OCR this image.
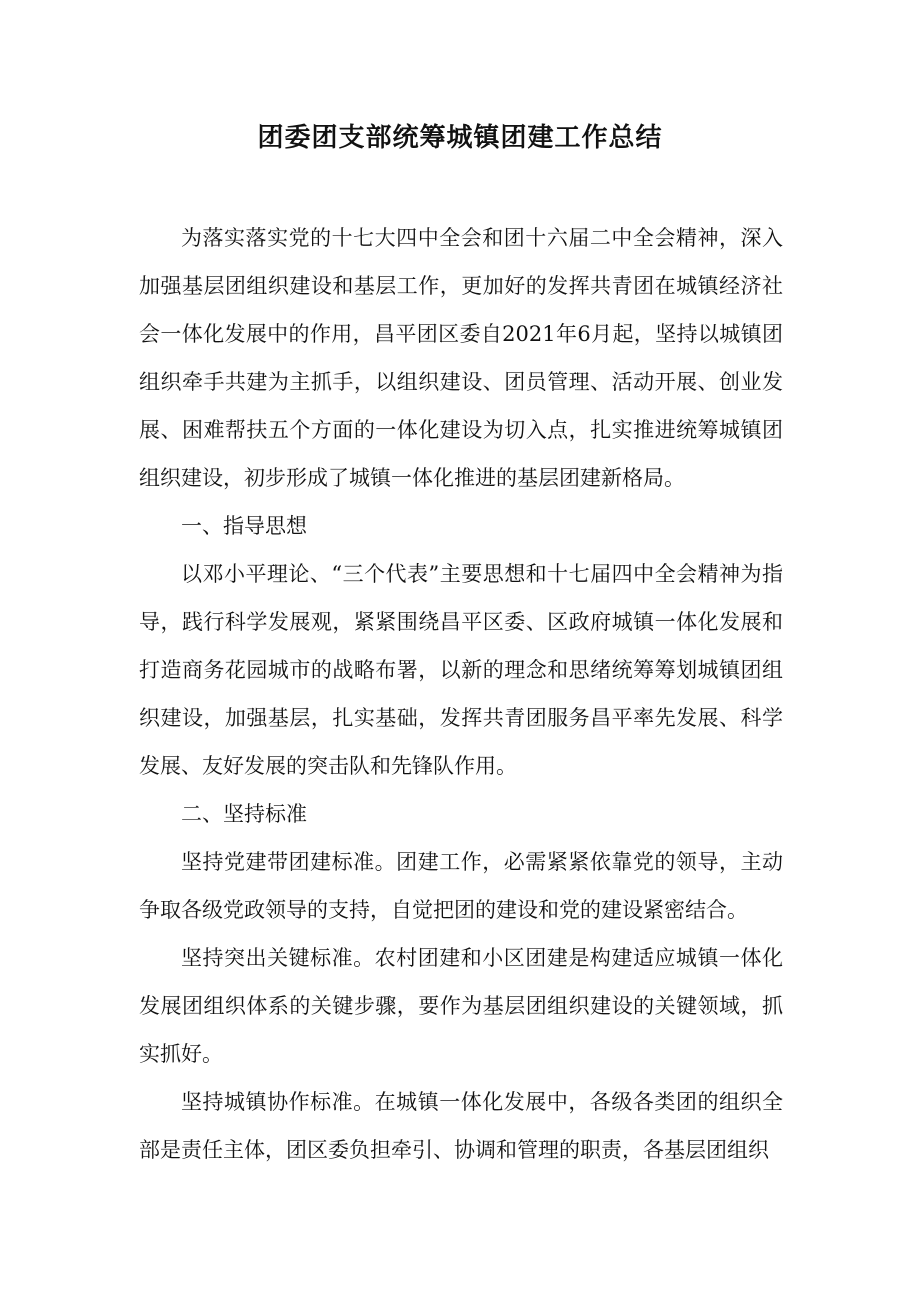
团委团支部统筹城镇团建工作总结

为落实落实党的十七大四中全会和团十六届二中全会精神，深入加强基层团组织建设和基层工作，更加好的发挥共青团在城镇经济社会一体化发展中的作用，昌平团区委自2021年6月起，坚持以城镇团组织牵手共建为主抓手，以组织建设、团员管理、活动开展、创业发展、困难帮扶五个方面的一体化建设为切入点，扎实推进统筹城镇团组织建设，初步形成了城镇一体化推进的基层团建新格局。

一、指导思想

以邓小平理论、“三个代表”主要思想和十七届四中全会精神为指导，践行科学发展观，紧紧围绕昌平区委、区政府城镇一体化发展和打造商务花园城市的战略布署，以新的理念和思绪统筹筹划城镇团组织建设，加强基层，扎实基础，发挥共青团服务昌平率先发展、科学发展、友好发展的突击队和先锋队作用。

二、坚持标准

坚持党建带团建标准。团建工作，必需紧紧依靠党的领导，主动争取各级党政领导的支持，自觉把团的建设和党的建设紧密结合。

坚持突出关键标准。农村团建和小区团建是构建适应城镇一体化发展团组织体系的关键步骤，要作为基层团组织建设的关键领域，抓实抓好。

坚持城镇协作标准。在城镇一体化发展中，各级各类团的组织全部是责任主体，团区委负担牵引、协调和管理的职责，各基层团组织
